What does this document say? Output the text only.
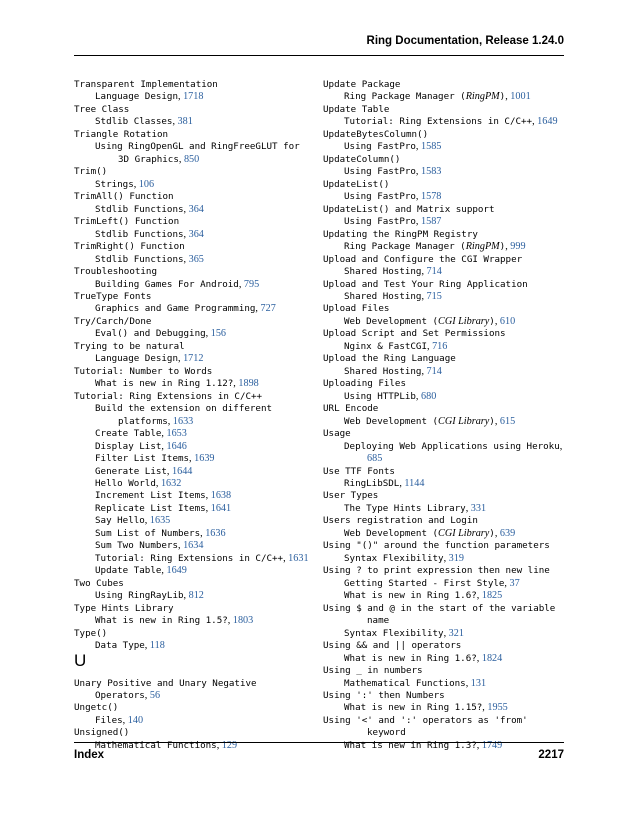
Ring Documentation, Release 1.24.0
Transparent Implementation
Language Design, 1718
Tree Class
Stdlib Classes, 381
Triangle Rotation
Using RingOpenGL and RingFreeGLUT for
3D Graphics, 850
Trim()
Strings, 106
TrimAll() Function
Stdlib Functions, 364
TrimLeft() Function
Stdlib Functions, 364
TrimRight() Function
Stdlib Functions, 365
Troubleshooting
Building Games For Android, 795
TrueType Fonts
Graphics and Game Programming, 727
Try/Carch/Done
Eval() and Debugging, 156
Trying to be natural
Language Design, 1712
Tutorial: Number to Words
What is new in Ring 1.12?, 1898
Tutorial: Ring Extensions in C/C++
Build the extension on different
platforms, 1633
Create Table, 1653
Display List, 1646
Filter List Items, 1639
Generate List, 1644
Hello World, 1632
Increment List Items, 1638
Replicate List Items, 1641
Say Hello, 1635
Sum List of Numbers, 1636
Sum Two Numbers, 1634
Tutorial: Ring Extensions in C/C++, 1631
Update Table, 1649
Two Cubes
Using RingRayLib, 812
Type Hints Library
What is new in Ring 1.5?, 1803
Type()
Data Type, 118
U
Unary Positive and Unary Negative
Operators, 56
Ungetc()
Files, 140
Unsigned()
Mathematical Functions, 129
Update Package
Ring Package Manager (RingPM), 1001
Update Table
Tutorial: Ring Extensions in C/C++, 1649
UpdateBytesColumn()
Using FastPro, 1585
UpdateColumn()
Using FastPro, 1583
UpdateList()
Using FastPro, 1578
UpdateList() and Matrix support
Using FastPro, 1587
Updating the RingPM Registry
Ring Package Manager (RingPM), 999
Upload and Configure the CGI Wrapper
Shared Hosting, 714
Upload and Test Your Ring Application
Shared Hosting, 715
Upload Files
Web Development (CGI Library), 610
Upload Script and Set Permissions
Nginx & FastCGI, 716
Upload the Ring Language
Shared Hosting, 714
Uploading Files
Using HTTPLib, 680
URL Encode
Web Development (CGI Library), 615
Usage
Deploying Web Applications using Heroku,
685
Use TTF Fonts
RingLibSDL, 1144
User Types
The Type Hints Library, 331
Users registration and Login
Web Development (CGI Library), 639
Using "()" around the function parameters
Syntax Flexibility, 319
Using ? to print expression then new line
Getting Started - First Style, 37
What is new in Ring 1.6?, 1825
Using $ and @ in the start of the variable
name
Syntax Flexibility, 321
Using && and || operators
What is new in Ring 1.6?, 1824
Using _ in numbers
Mathematical Functions, 131
Using ':' then Numbers
What is new in Ring 1.15?, 1955
Using '<' and ':' operators as 'from'
keyword
What is new in Ring 1.3?, 1749
Index	2217
